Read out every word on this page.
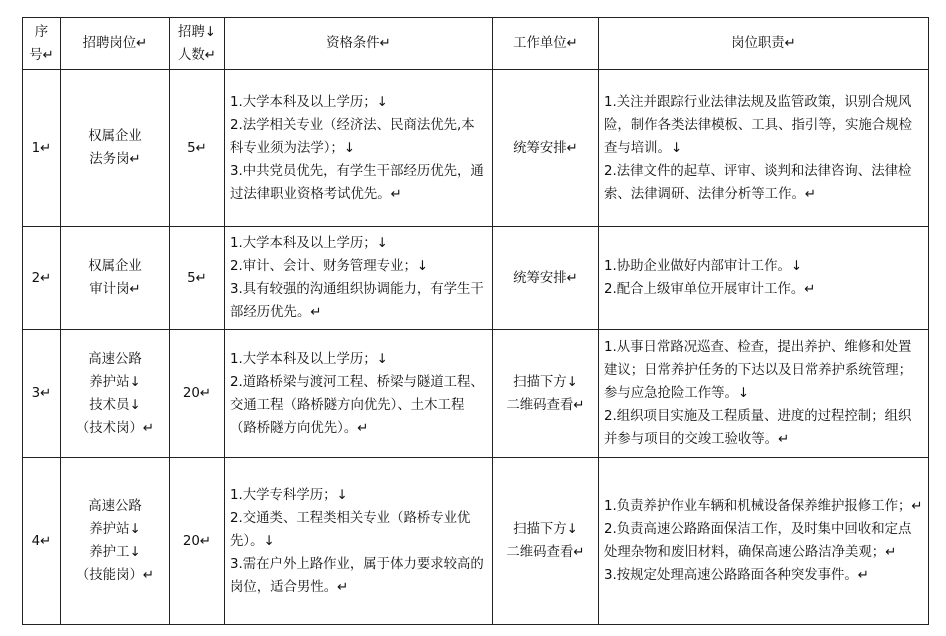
序
号↵	招聘岗位↵	招聘↓
人数↵	资格条件↵	工作单位↵	岗位职责↵
1↵	权属企业
法务岗↵	5↵	1.大学本科及以上学历；↓
2.法学相关专业（经济法、民商法优先,本科专业须为法学）；↓
3.中共党员优先，有学生干部经历优先，通过法律职业资格考试优先。↵	统筹安排↵	1.关注并跟踪行业法律法规及监管政策，识别合规风险，制作各类法律模板、工具、指引等，实施合规检查与培训。↓
2.法律文件的起草、评审、谈判和法律咨询、法律检索、法律调研、法律分析等工作。↵

2↵	权属企业
审计岗↵	5↵	1.大学本科及以上学历；↓
2.审计、会计、财务管理专业；↓
3.具有较强的沟通组织协调能力，有学生干部经历优先。↵	统筹安排↵	1.协助企业做好内部审计工作。↓
2.配合上级审单位开展审计工作。↵

3↵	高速公路
养护站↓
技术员↓
（技术岗）↵	20↵	1.大学本科及以上学历；↓
2.道路桥梁与渡河工程、桥梁与隧道工程、交通工程（路桥隧方向优先）、土木工程（路桥隧方向优先）。↵	扫描下方↓
二维码查看↵	1.从事日常路况巡查、检查，提出养护、维修和处置建议；日常养护任务的下达以及日常养护系统管理；参与应急抢险工作等。↓
2.组织项目实施及工程质量、进度的过程控制；组织并参与项目的交竣工验收等。↵

4↵	高速公路
养护站↓
养护工↓
（技能岗）↵	20↵	1.大学专科学历；↓
2.交通类、工程类相关专业（路桥专业优先）。↓
3.需在户外上路作业，属于体力要求较高的岗位，适合男性。↵	扫描下方↓
二维码查看↵	1.负责养护作业车辆和机械设备保养维护报修工作；↵
2.负责高速公路路面保洁工作，及时集中回收和定点处理杂物和废旧材料，确保高速公路洁净美观；↵
3.按规定处理高速公路路面各种突发事件。↵
